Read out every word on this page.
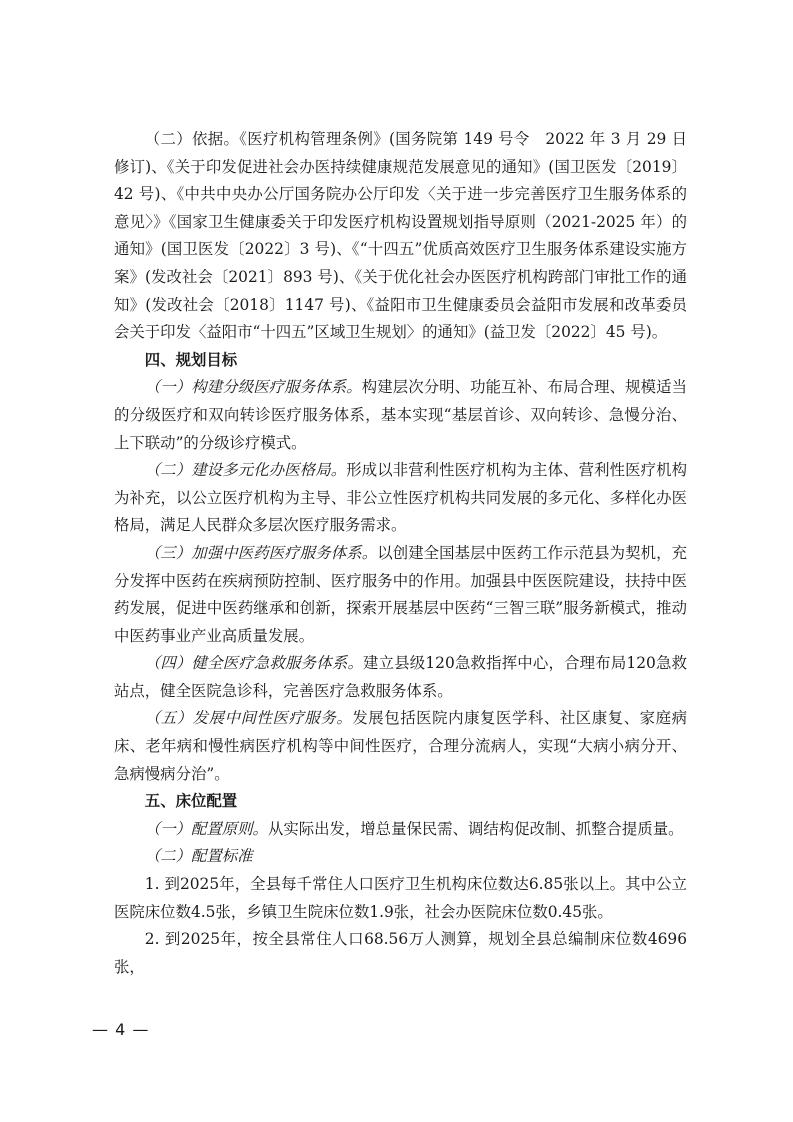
（二）依据。《医疗机构管理条例》(国务院第 149 号令　2022 年 3 月 29 日修订)、《关于印发促进社会办医持续健康规范发展意见的通知》(国卫医发〔2019〕42 号)、《中共中央办公厅国务院办公厅印发〈关于进一步完善医疗卫生服务体系的意见〉》《国家卫生健康委关于印发医疗机构设置规划指导原则（2021-2025 年）的通知》(国卫医发〔2022〕3 号)、《“十四五”优质高效医疗卫生服务体系建设实施方案》(发改社会〔2021〕893 号)、《关于优化社会办医医疗机构跨部门审批工作的通知》(发改社会〔2018〕1147 号)、《益阳市卫生健康委员会益阳市发展和改革委员会关于印发〈益阳市“十四五”区域卫生规划〉的通知》(益卫发〔2022〕45 号)。

四、规划目标

（一）构建分级医疗服务体系。构建层次分明、功能互补、布局合理、规模适当的分级医疗和双向转诊医疗服务体系，基本实现“基层首诊、双向转诊、急慢分治、上下联动”的分级诊疗模式。

（二）建设多元化办医格局。形成以非营利性医疗机构为主体、营利性医疗机构为补充，以公立医疗机构为主导、非公立性医疗机构共同发展的多元化、多样化办医格局，满足人民群众多层次医疗服务需求。

（三）加强中医药医疗服务体系。以创建全国基层中医药工作示范县为契机，充分发挥中医药在疾病预防控制、医疗服务中的作用。加强县中医医院建设，扶持中医药发展，促进中医药继承和创新，探索开展基层中医药“三智三联”服务新模式，推动中医药事业产业高质量发展。

（四）健全医疗急救服务体系。建立县级120急救指挥中心，合理布局120急救站点，健全医院急诊科，完善医疗急救服务体系。

（五）发展中间性医疗服务。发展包括医院内康复医学科、社区康复、家庭病床、老年病和慢性病医疗机构等中间性医疗，合理分流病人，实现“大病小病分开、急病慢病分治”。

五、床位配置

（一）配置原则。从实际出发，增总量保民需、调结构促改制、抓整合提质量。

（二）配置标准

1. 到2025年，全县每千常住人口医疗卫生机构床位数达6.85张以上。其中公立医院床位数4.5张，乡镇卫生院床位数1.9张，社会办医院床位数0.45张。

2. 到2025年，按全县常住人口68.56万人测算，规划全县总编制床位数4696张，

— 4 —
